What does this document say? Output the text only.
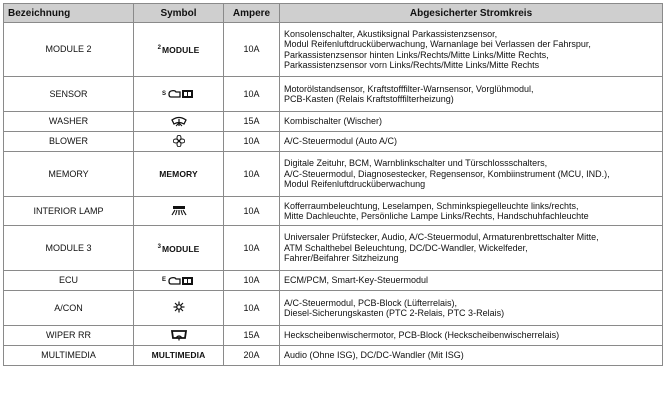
Bezeichnung	Symbol	Ampere	Abgesicherter Stromkreis
MODULE 2	$^2$MODULE	10A	Konsolenschalter, Akustiksignal Parkassistenzsensor,
Modul Reifenluftdrucküberwachung, Warnanlage bei Verlassen der Fahrspur,
Parkassistenzsensor hinten Links/Rechts/Mitte Links/Mitte Rechts,
Parkassistenzsensor vorn Links/Rechts/Mitte Links/Mitte Rechts

SENSOR	S	10A	Motorölstandsensor, Kraftstofffilter-Warnsensor, Vorglühmodul,
PCB-Kasten (Relais Kraftstofffilterheizung)

WASHER		15A	Kombischalter (Wischer)

BLOWER		10A	A/C-Steuermodul (Auto A/C)

MEMORY	MEMORY	10A	Digitale Zeituhr, BCM, Warnblinkschalter und Türschlossschalters,
A/C-Steuermodul, Diagnosestecker, Regensensor, Kombiinstrument (MCU, IND.),
Modul Reifenluftdrucküberwachung

INTERIOR LAMP		10A	Kofferraumbeleuchtung, Leselampen, Schminkspiegelleuchte links/rechts,
Mitte Dachleuchte, Persönliche Lampe Links/Rechts, Handschuhfachleuchte

MODULE 3	$^3$MODULE	10A	Universaler Prüfstecker, Audio, A/C-Steuermodul, Armaturenbrettschalter Mitte,
ATM Schalthebel Beleuchtung, DC/DC-Wandler, Wickelfeder,
Fahrer/Beifahrer Sitzheizung

ECU	E	10A	ECM/PCM, Smart-Key-Steuermodul

A/CON		10A	A/C-Steuermodul, PCB-Block (Lüfterrelais),
Diesel-Sicherungskasten (PTC 2-Relais, PTC 3-Relais)

WIPER RR		15A	Heckscheibenwischermotor, PCB-Block (Heckscheibenwischerrelais)

MULTIMEDIA	MULTIMEDIA	20A	Audio (Ohne ISG), DC/DC-Wandler (Mit ISG)
